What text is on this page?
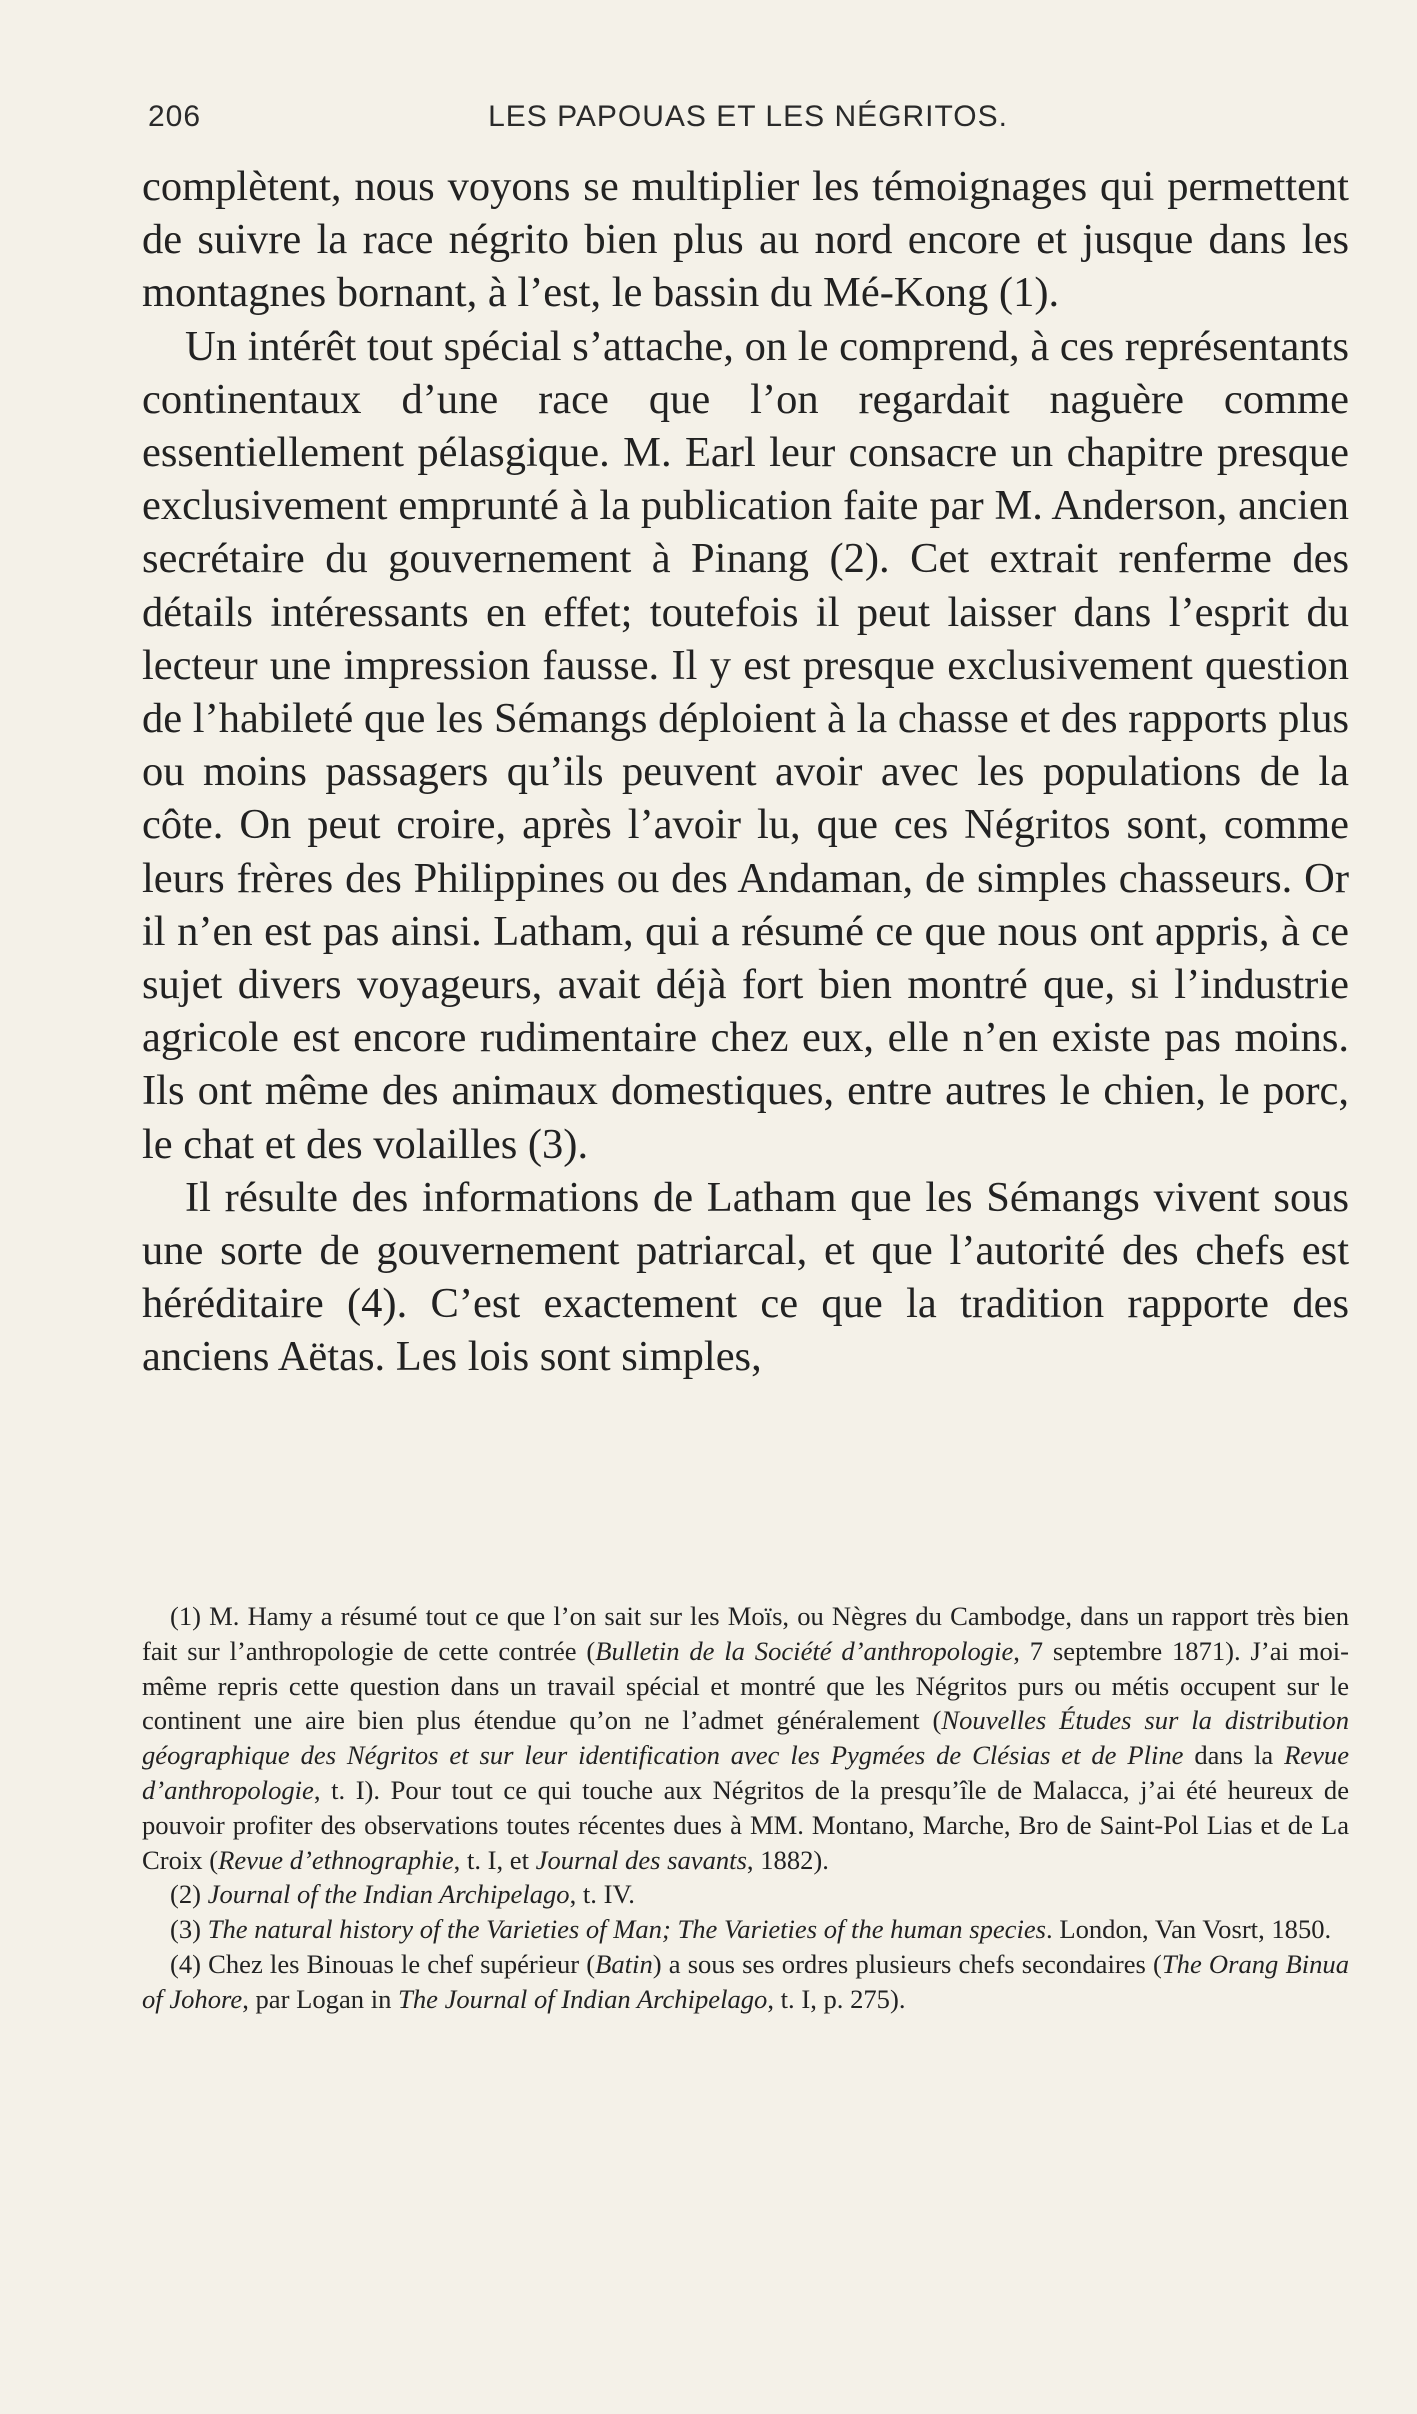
206	LES PAPOUAS ET LES NÉGRITOS.

complètent, nous voyons se multiplier les témoignages qui permettent de suivre la race négrito bien plus au nord encore et jusque dans les montagnes bornant, à l’est, le bassin du Mé-Kong (1).

Un intérêt tout spécial s’attache, on le comprend, à ces représentants continentaux d’une race que l’on regardait naguère comme essentiellement pélasgique. M. Earl leur consacre un chapitre presque exclusivement emprunté à la publication faite par M. Anderson, ancien secrétaire du gouvernement à Pinang (2). Cet extrait renferme des détails intéressants en effet; toutefois il peut laisser dans l’esprit du lecteur une impression fausse. Il y est presque exclusivement question de l’habileté que les Sémangs déploient à la chasse et des rapports plus ou moins passagers qu’ils peuvent avoir avec les populations de la côte. On peut croire, après l’avoir lu, que ces Négritos sont, comme leurs frères des Philippines ou des Andaman, de simples chasseurs. Or il n’en est pas ainsi. Latham, qui a résumé ce que nous ont appris, à ce sujet divers voyageurs, avait déjà fort bien montré que, si l’industrie agricole est encore rudimentaire chez eux, elle n’en existe pas moins. Ils ont même des animaux domestiques, entre autres le chien, le porc, le chat et des volailles (3).

Il résulte des informations de Latham que les Sémangs vivent sous une sorte de gouvernement patriarcal, et que l’autorité des chefs est héréditaire (4). C’est exactement ce que la tradition rapporte des anciens Aëtas. Les lois sont simples,

(1) M. Hamy a résumé tout ce que l’on sait sur les Moïs, ou Nègres du Cambodge, dans un rapport très bien fait sur l’anthropologie de cette contrée (Bulletin de la Société d’anthropologie, 7 septembre 1871). J’ai moi-même repris cette question dans un travail spécial et montré que les Négritos purs ou métis occupent sur le continent une aire bien plus étendue qu’on ne l’admet généralement (Nouvelles Études sur la distribution géographique des Négritos et sur leur identification avec les Pygmées de Clésias et de Pline dans la Revue d’anthropologie, t. I). Pour tout ce qui touche aux Négritos de la presqu’île de Malacca, j’ai été heureux de pouvoir profiter des observations toutes récentes dues à MM. Montano, Marche, Bro de Saint-Pol Lias et de La Croix (Revue d’ethnographie, t. I, et Journal des savants, 1882).

(2) Journal of the Indian Archipelago, t. IV.

(3) The natural history of the Varieties of Man; The Varieties of the human species. London, Van Vosrt, 1850.

(4) Chez les Binouas le chef supérieur (Batin) a sous ses ordres plusieurs chefs secondaires (The Orang Binua of Johore, par Logan in The Journal of Indian Archipelago, t. I, p. 275).
